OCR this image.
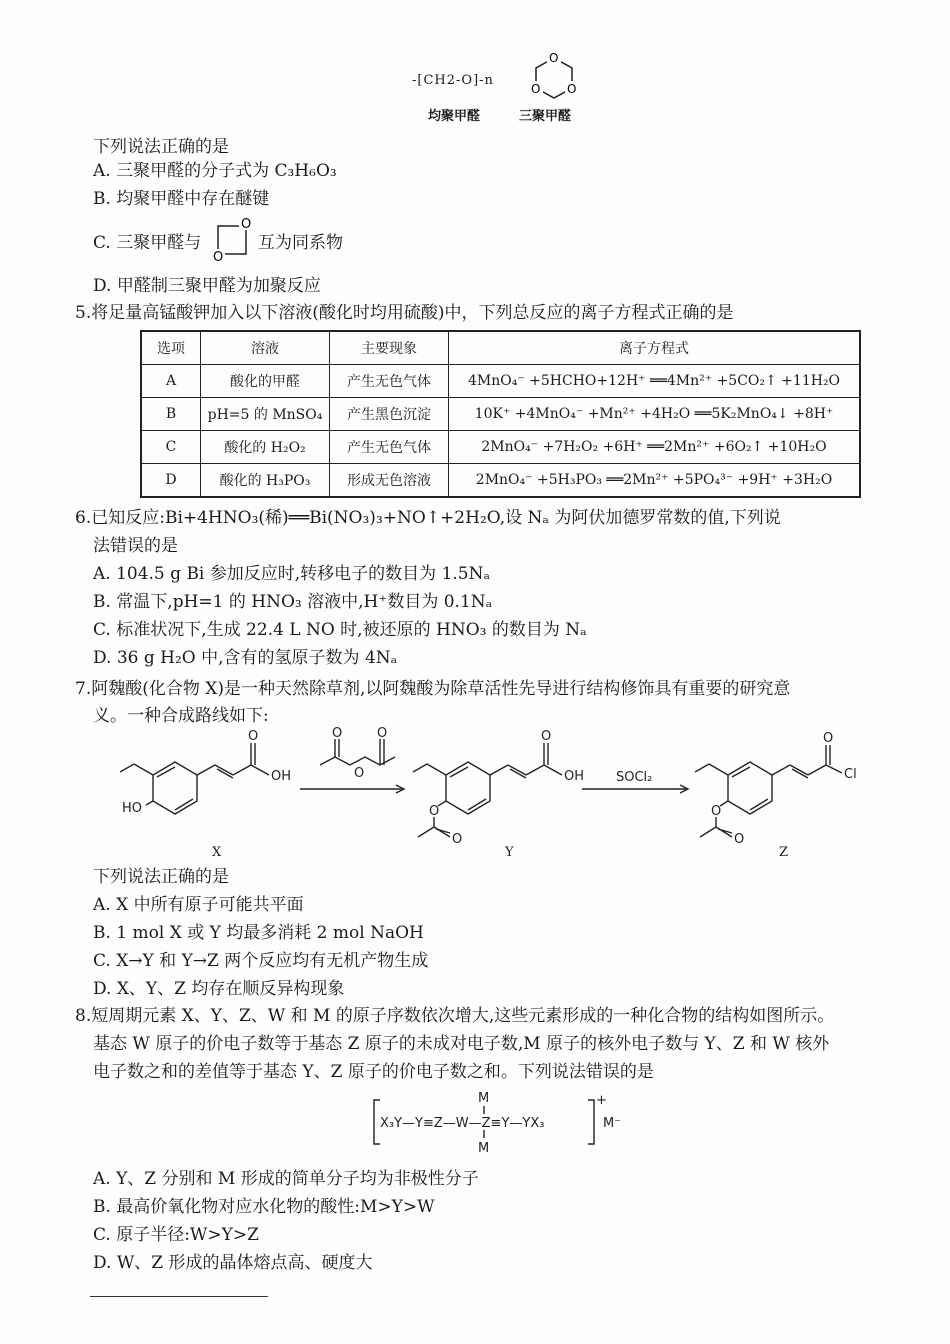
-[CH2-O]-n
O
O O
均聚甲醛	三聚甲醛
下列说法正确的是
A. 三聚甲醛的分子式为 C₃H₆O₃
B. 均聚甲醛中存在醚键
C. 三聚甲醛与
O
O
互为同系物
D. 甲醛制三聚甲醛为加聚反应
5.将足量高锰酸钾加入以下溶液(酸化时均用硫酸)中，下列总反应的离子方程式正确的是
选项	溶液	主要现象	离子方程式
A	酸化的甲醛	产生无色气体	4MnO₄⁻ +5HCHO+12H⁺ ══4Mn²⁺ +5CO₂↑ +11H₂O
B	pH=5 的 MnSO₄	产生黑色沉淀	10K⁺ +4MnO₄⁻ +Mn²⁺ +4H₂O ══5K₂MnO₄↓ +8H⁺
C	酸化的 H₂O₂	产生无色气体	2MnO₄⁻ +7H₂O₂ +6H⁺ ══2Mn²⁺ +6O₂↑ +10H₂O
D	酸化的 H₃PO₃	形成无色溶液	2MnO₄⁻ +5H₃PO₃ ══2Mn²⁺ +5PO₄³⁻ +9H⁺ +3H₂O
6.已知反应:Bi+4HNO₃(稀)══Bi(NO₃)₃+NO↑+2H₂O,设 Nₐ 为阿伏加德罗常数的值,下列说
法错误的是
A. 104.5 g Bi 参加反应时,转移电子的数目为 1.5Nₐ
B. 常温下,pH=1 的 HNO₃ 溶液中,H⁺数目为 0.1Nₐ
C. 标准状况下,生成 22.4 L NO 时,被还原的 HNO₃ 的数目为 Nₐ
D. 36 g H₂O 中,含有的氢原子数为 4Nₐ
7.阿魏酸(化合物 X)是一种天然除草剂,以阿魏酸为除草活性先导进行结构修饰具有重要的研究意
义。一种合成路线如下:
O
OH
HO
O	O
O	SOCl₂
O
OH
O
O
O
Cl
O
O
X	Y	Z
下列说法正确的是
A. X 中所有原子可能共平面
B. 1 mol X 或 Y 均最多消耗 2 mol NaOH
C. X→Y 和 Y→Z 两个反应均有无机产物生成
D. X、Y、Z 均存在顺反异构现象
8.短周期元素 X、Y、Z、W 和 M 的原子序数依次增大,这些元素形成的一种化合物的结构如图所示。
基态 W 原子的价电子数等于基态 Z 原子的未成对电子数,M 原子的核外电子数与 Y、Z 和 W 核外
电子数之和的差值等于基态 Y、Z 原子的价电子数之和。下列说法错误的是
M
X₃Y—Y≡Z—W—Z≡Y—YX₃
M
+
M⁻
A. Y、Z 分别和 M 形成的简单分子均为非极性分子
B. 最高价氧化物对应水化物的酸性:M>Y>W
C. 原子半径:W>Y>Z
D. W、Z 形成的晶体熔点高、硬度大
